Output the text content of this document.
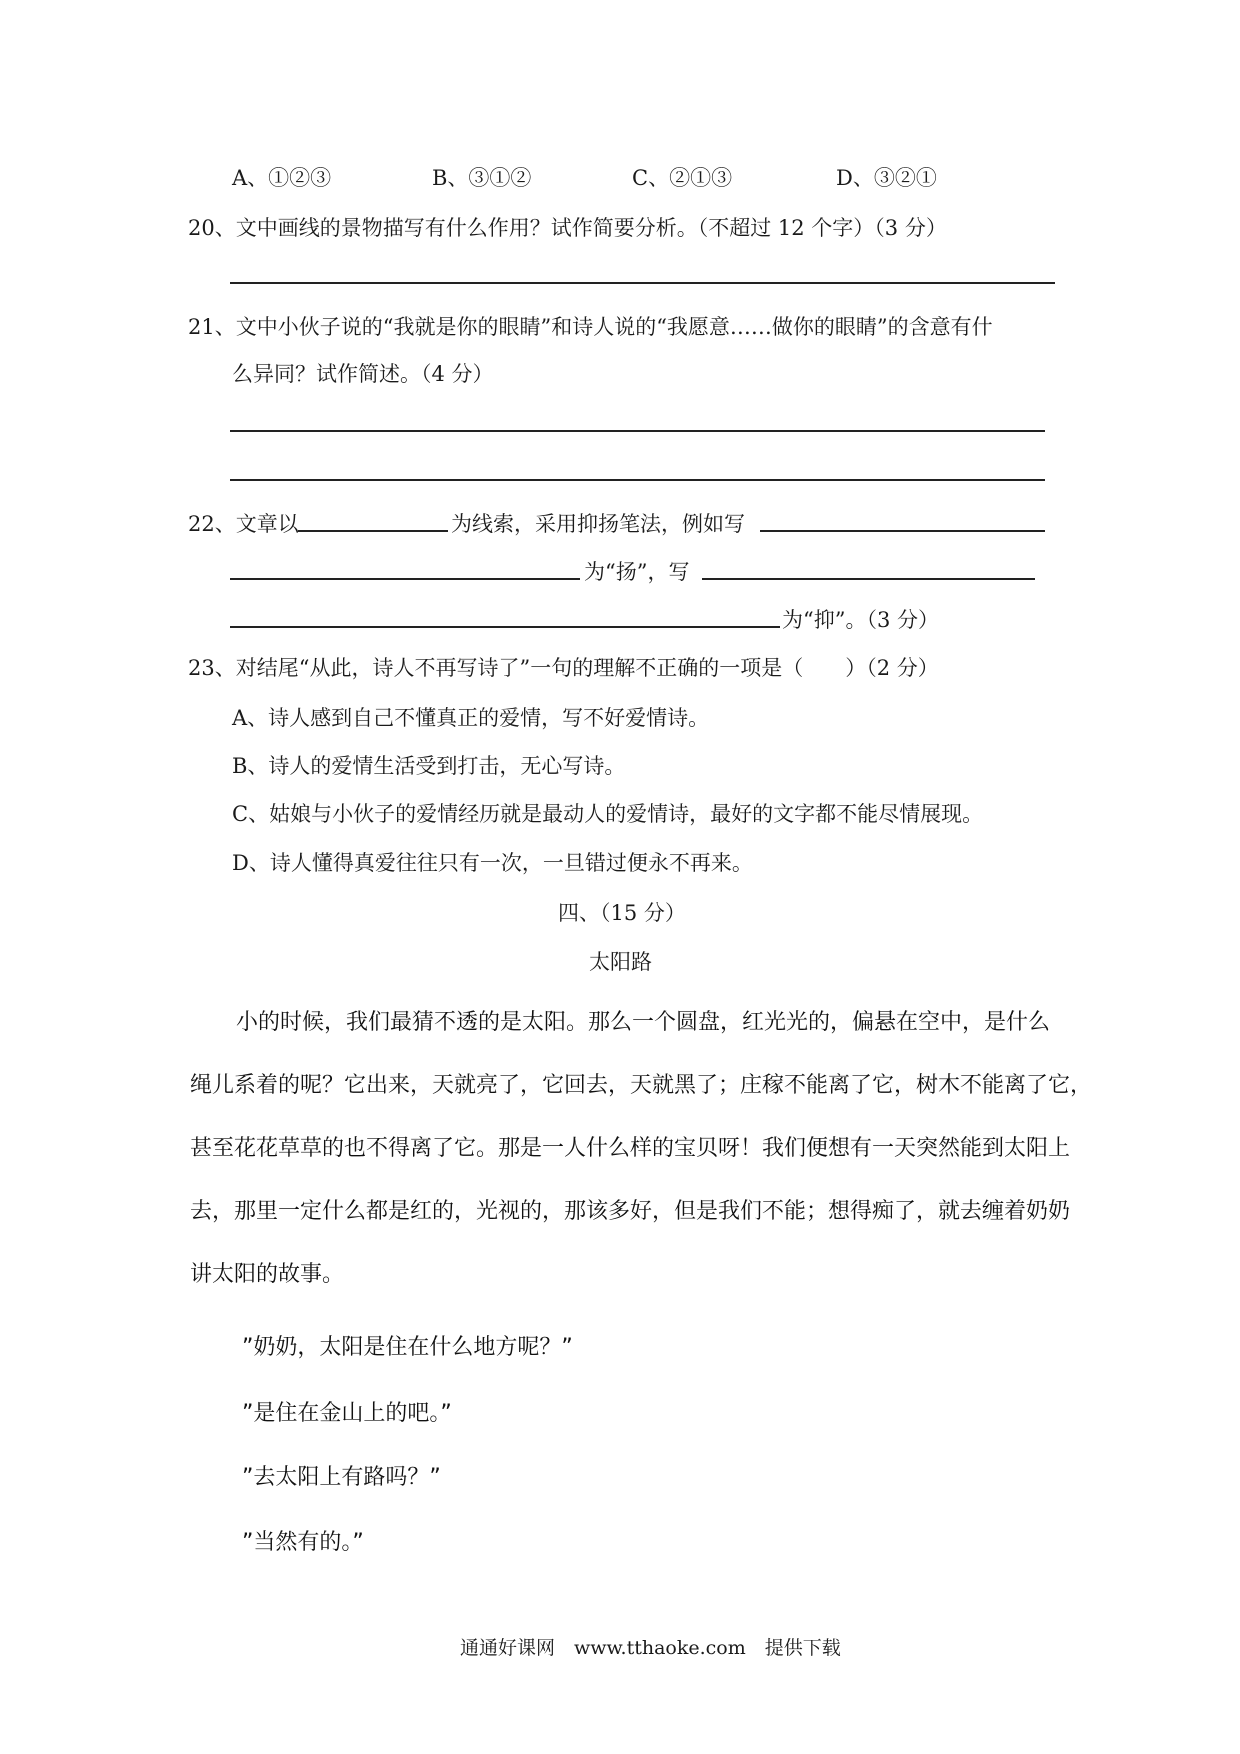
A、①②③	B、③①②	C、②①③	D、③②①
20、文中画线的景物描写有什么作用？试作简要分析。（不超过 12 个字）（3 分）
21、文中小伙子说的“我就是你的眼睛”和诗人说的“我愿意……做你的眼睛”的含意有什
么异同？试作简述。（4 分）
22、文章以	为线索，采用抑扬笔法，例如写
为“扬”，写
为“抑”。（3 分）
23、对结尾“从此，诗人不再写诗了”一句的理解不正确的一项是（　　）（2 分）
A、诗人感到自己不懂真正的爱情，写不好爱情诗。
B、诗人的爱情生活受到打击，无心写诗。
C、姑娘与小伙子的爱情经历就是最动人的爱情诗，最好的文字都不能尽情展现。
D、诗人懂得真爱往往只有一次，一旦错过便永不再来。
四、（15 分）
太阳路
小的时候，我们最猜不透的是太阳。那么一个圆盘，红光光的，偏悬在空中，是什么
绳儿系着的呢？它出来，天就亮了，它回去，天就黑了；庄稼不能离了它，树木不能离了它，
甚至花花草草的也不得离了它。那是一人什么样的宝贝呀！我们便想有一天突然能到太阳上
去，那里一定什么都是红的，光视的，那该多好，但是我们不能；想得痴了，就去缠着奶奶
讲太阳的故事。
”奶奶，太阳是住在什么地方呢？”
”是住在金山上的吧。”
”去太阳上有路吗？”
”当然有的。”
通通好课网　www.tthaoke.com　提供下载
